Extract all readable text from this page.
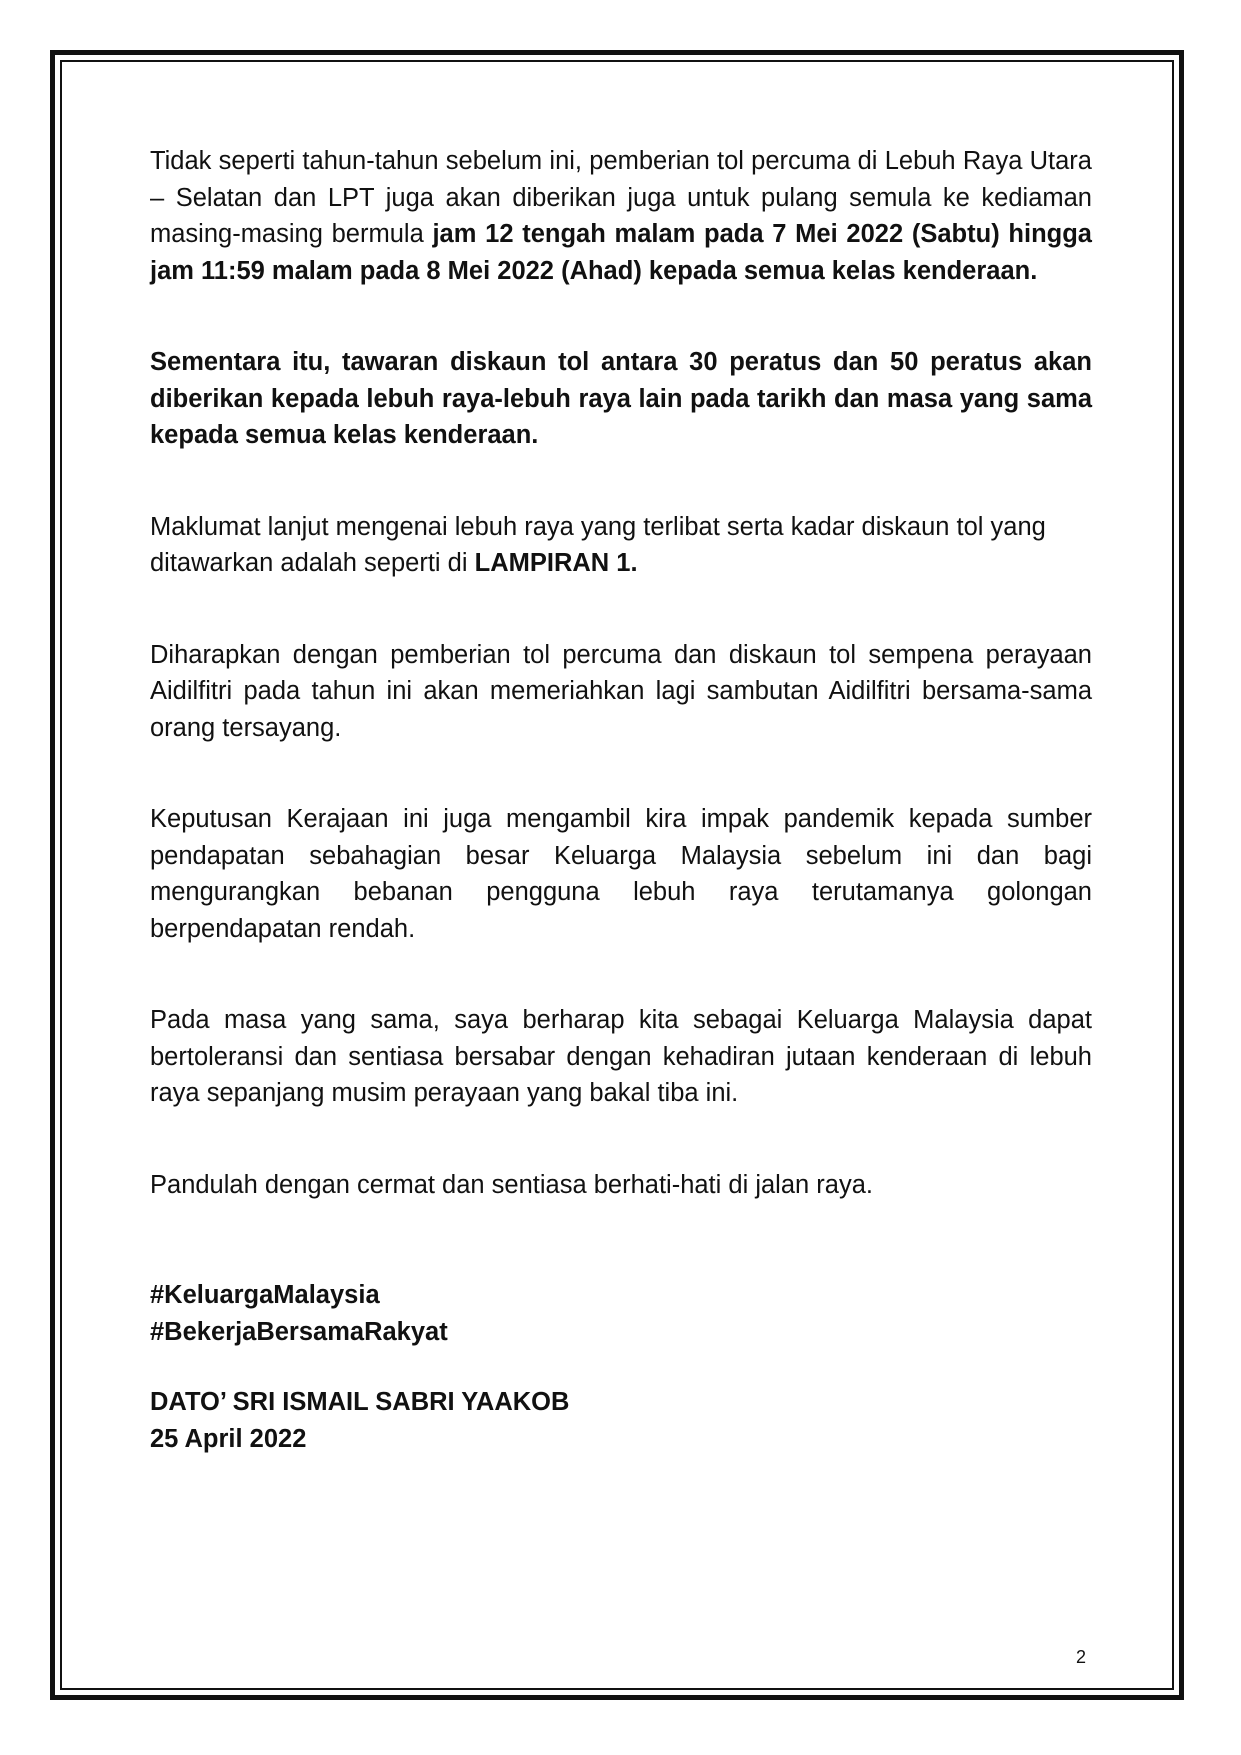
Tidak seperti tahun-tahun sebelum ini, pemberian tol percuma di Lebuh Raya Utara – Selatan dan LPT juga akan diberikan juga untuk pulang semula ke kediaman masing-masing bermula jam 12 tengah malam pada 7 Mei 2022 (Sabtu) hingga jam 11:59 malam pada 8 Mei 2022 (Ahad) kepada semua kelas kenderaan.

Sementara itu, tawaran diskaun tol antara 30 peratus dan 50 peratus akan diberikan kepada lebuh raya-lebuh raya lain pada tarikh dan masa yang sama kepada semua kelas kenderaan.

Maklumat lanjut mengenai lebuh raya yang terlibat serta kadar diskaun tol yang ditawarkan adalah seperti di LAMPIRAN 1.

Diharapkan dengan pemberian tol percuma dan diskaun tol sempena perayaan Aidilfitri pada tahun ini akan memeriahkan lagi sambutan Aidilfitri bersama-sama orang tersayang.

Keputusan Kerajaan ini juga mengambil kira impak pandemik kepada sumber pendapatan sebahagian besar Keluarga Malaysia sebelum ini dan bagi mengurangkan bebanan pengguna lebuh raya terutamanya golongan berpendapatan rendah.

Pada masa yang sama, saya berharap kita sebagai Keluarga Malaysia dapat bertoleransi dan sentiasa bersabar dengan kehadiran jutaan kenderaan di lebuh raya sepanjang musim perayaan yang bakal tiba ini.

Pandulah dengan cermat dan sentiasa berhati-hati di jalan raya.

#KeluargaMalaysia

#BekerjaBersamaRakyat

DATO’ SRI ISMAIL SABRI YAAKOB

25 April 2022

2
